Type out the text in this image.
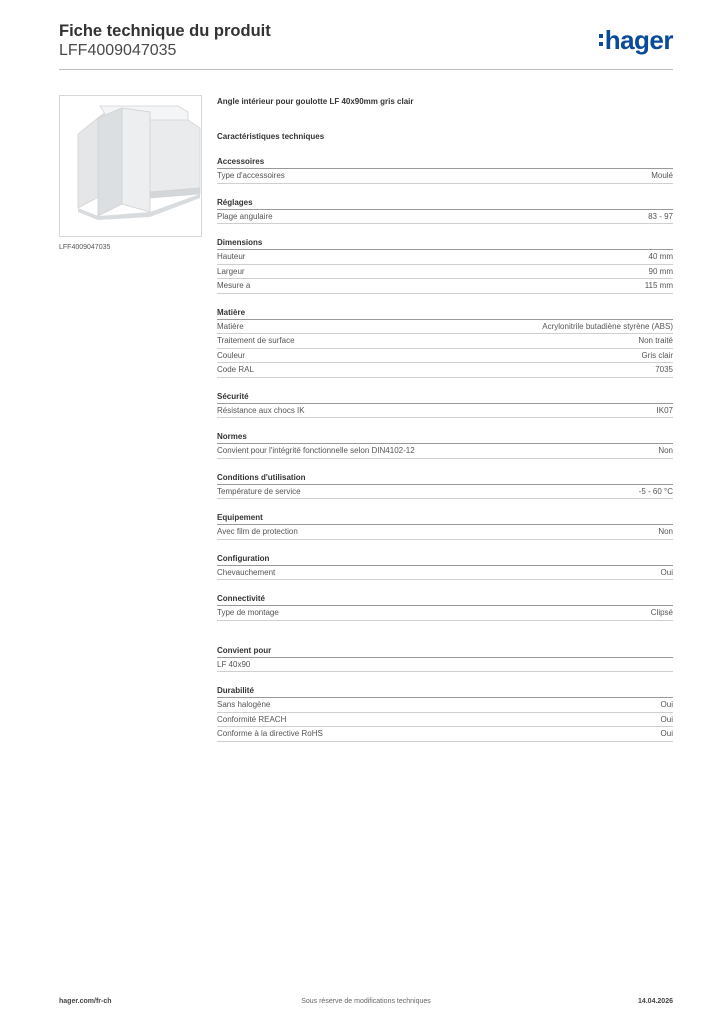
Fiche technique du produit
LFF4009047035	hager
LFF4009047035
Angle intérieur pour goulotte LF 40x90mm gris clair
Caractéristiques techniques
Accessoires
Type d'accessoires	Moulé
Réglages
Plage angulaire	83 - 97
Dimensions
Hauteur	40 mm
Largeur	90 mm
Mesure a	115 mm
Matière
Matière	Acrylonitrile butadiène styrène (ABS)
Traitement de surface	Non traité
Couleur	Gris clair
Code RAL	7035
Sécurité
Résistance aux chocs IK	IK07
Normes
Convient pour l'intégrité fonctionnelle selon DIN4102-12	Non
Conditions d'utilisation
Température de service	-5 - 60 °C
Equipement
Avec film de protection	Non
Configuration
Chevauchement	Oui
Connectivité
Type de montage	Clipsé
Convient pour
LF 40x90
Durabilité
Sans halogène	Oui
Conformité REACH	Oui
Conforme à la directive RoHS	Oui
hager.com/fr-ch	Sous réserve de modifications techniques	14.04.2026
